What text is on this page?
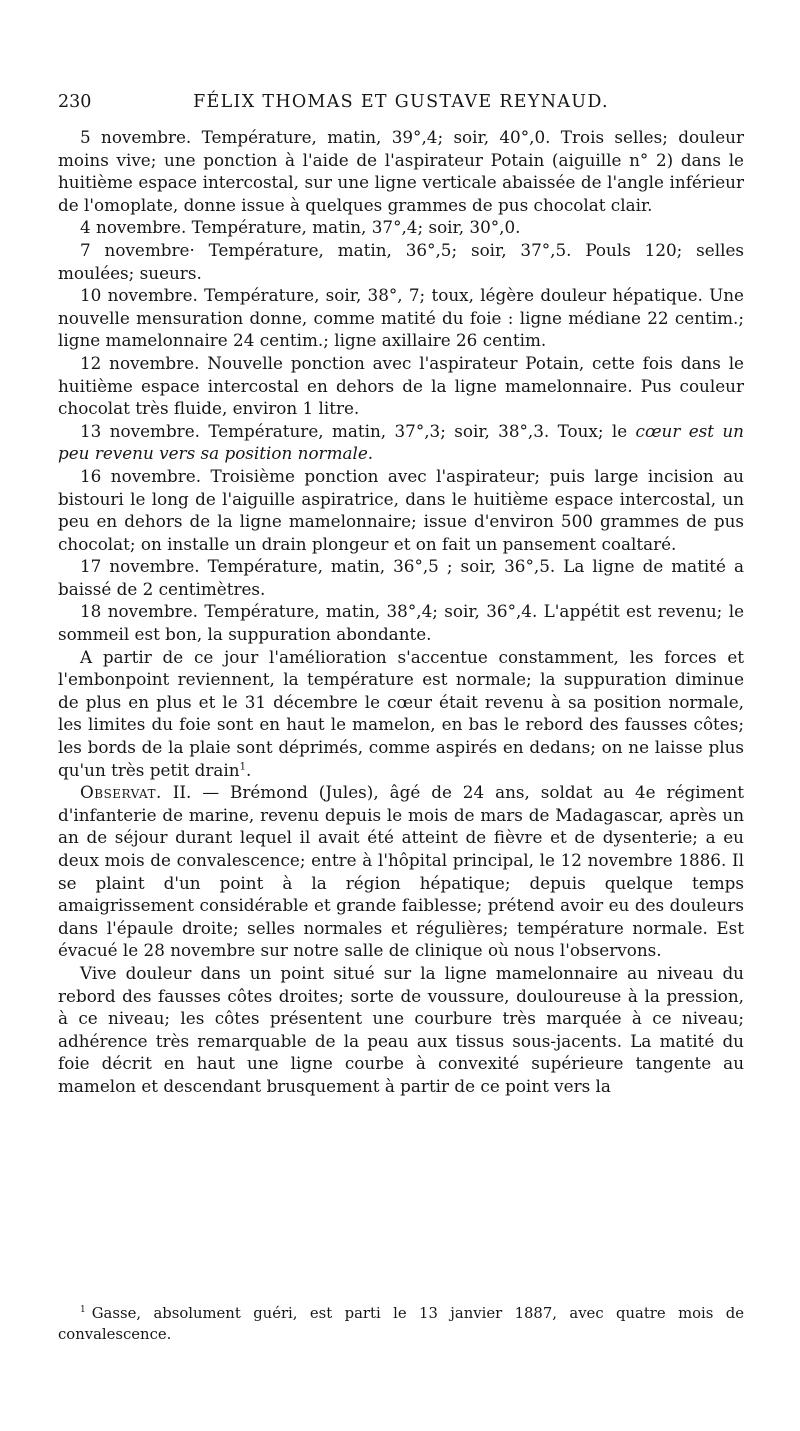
230	FÉLIX THOMAS ET GUSTAVE REYNAUD.

5 novembre. Température, matin, 39°,4; soir, 40°,0. Trois selles; douleur moins vive; une ponction à l'aide de l'aspirateur Potain (aiguille n° 2) dans le huitième espace intercostal, sur une ligne verticale abaissée de l'angle inférieur de l'omoplate, donne issue à quelques grammes de pus chocolat clair.

4 novembre. Température, matin, 37°,4; soir, 30°,0.

7 novembre· Température, matin, 36°,5; soir, 37°,5. Pouls 120; selles moulées; sueurs.

10 novembre. Température, soir, 38°, 7; toux, légère douleur hépatique. Une nouvelle mensuration donne, comme matité du foie : ligne médiane 22 centim.; ligne mamelonnaire 24 centim.; ligne axillaire 26 centim.

12 novembre. Nouvelle ponction avec l'aspirateur Potain, cette fois dans le huitième espace intercostal en dehors de la ligne mamelonnaire. Pus couleur chocolat très fluide, environ 1 litre.

13 novembre. Température, matin, 37°,3; soir, 38°,3. Toux; le cœur est un peu revenu vers sa position normale.

16 novembre. Troisième ponction avec l'aspirateur; puis large incision au bistouri le long de l'aiguille aspiratrice, dans le huitième espace intercostal, un peu en dehors de la ligne mamelonnaire; issue d'environ 500 grammes de pus chocolat; on installe un drain plongeur et on fait un pansement coaltaré.

17 novembre. Température, matin, 36°,5 ; soir, 36°,5. La ligne de matité a baissé de 2 centimètres.

18 novembre. Température, matin, 38°,4; soir, 36°,4. L'appétit est revenu; le sommeil est bon, la suppuration abondante.

A partir de ce jour l'amélioration s'accentue constamment, les forces et l'embonpoint reviennent, la température est normale; la suppuration diminue de plus en plus et le 31 décembre le cœur était revenu à sa position normale, les limites du foie sont en haut le mamelon, en bas le rebord des fausses côtes; les bords de la plaie sont déprimés, comme aspirés en dedans; on ne laisse plus qu'un très petit drain$^1$.

Observat. II. — Brémond (Jules), âgé de 24 ans, soldat au 4e régiment d'infanterie de marine, revenu depuis le mois de mars de Madagascar, après un an de séjour durant lequel il avait été atteint de fièvre et de dysenterie; a eu deux mois de convalescence; entre à l'hôpital principal, le 12 novembre 1886. Il se plaint d'un point à la région hépatique; depuis quelque temps amaigrissement considérable et grande faiblesse; prétend avoir eu des douleurs dans l'épaule droite; selles normales et régulières; température normale. Est évacué le 28 novembre sur notre salle de clinique où nous l'observons.

Vive douleur dans un point situé sur la ligne mamelonnaire au niveau du rebord des fausses côtes droites; sorte de voussure, douloureuse à la pression, à ce niveau; les côtes présentent une courbure très marquée à ce niveau; adhérence très remarquable de la peau aux tissus sous-jacents. La matité du foie décrit en haut une ligne courbe à convexité supérieure tangente au mamelon et descendant brusquement à partir de ce point vers la

$^1$ Gasse, absolument guéri, est parti le 13 janvier 1887, avec quatre mois de convalescence.
